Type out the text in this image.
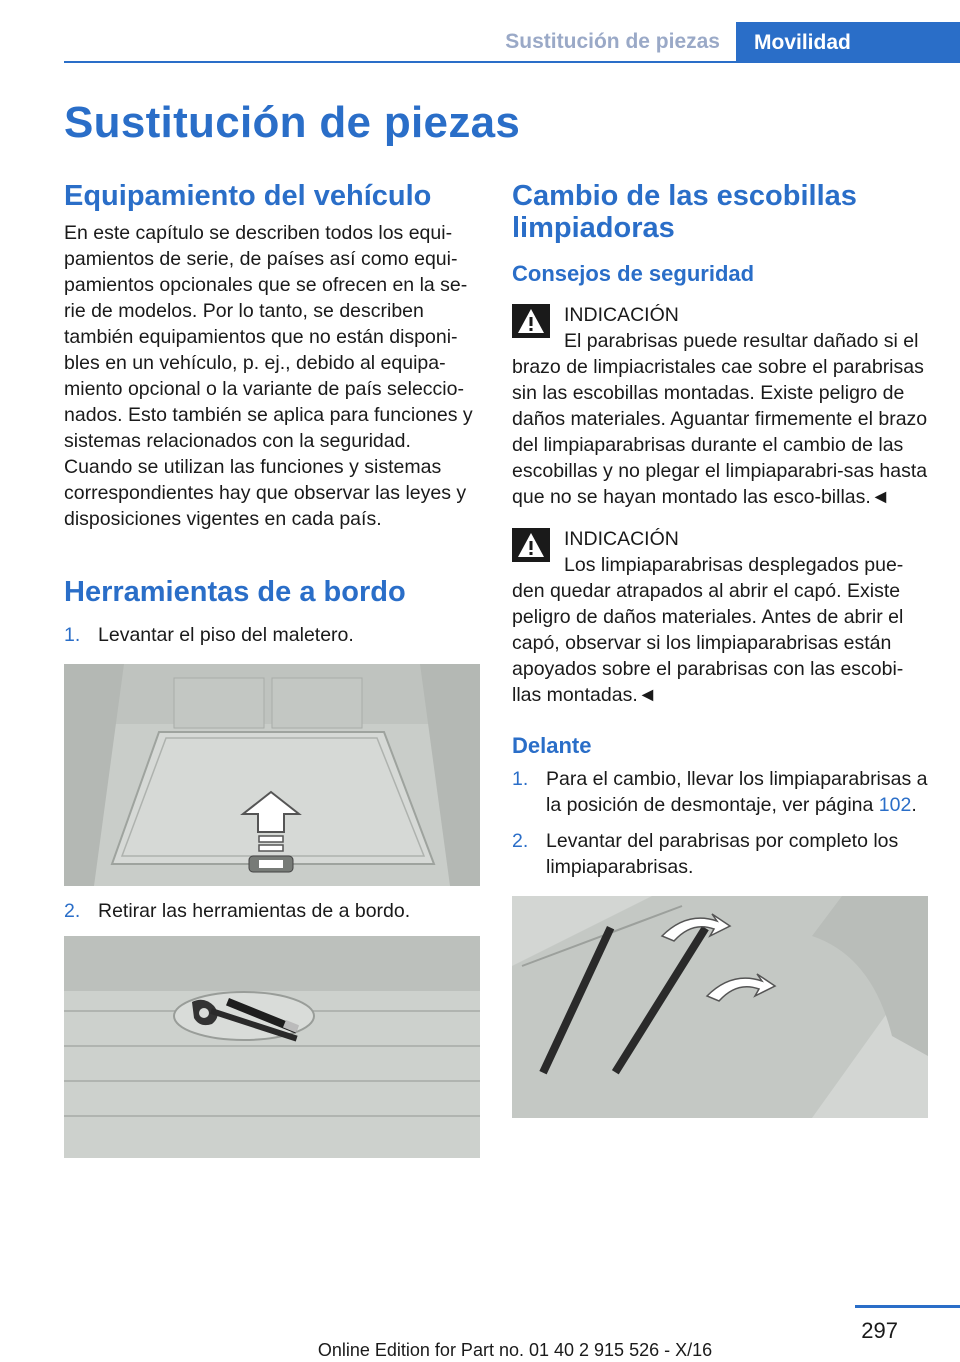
Sustitución de piezas	Movilidad
Sustitución de piezas
Equipamiento del vehículo

En este capítulo se describen todos los equi‐pamientos de serie, de países así como equi‐pamientos opcionales que se ofrecen en la se‐rie de modelos. Por lo tanto, se describen también equipamientos que no están disponi‐bles en un vehículo, p. ej., debido al equipa‐miento opcional o la variante de país seleccio‐nados. Esto también se aplica para funciones y sistemas relacionados con la seguridad. Cuando se utilizan las funciones y sistemas correspondientes hay que observar las leyes y disposiciones vigentes en cada país.

Herramientas de a bordo
1. Levantar el piso del maletero.
2. Retirar las herramientas de a bordo.
Cambio de las escobillas limpiadoras
Consejos de seguridad
INDICACIÓN
El parabrisas puede resultar dañado si el

brazo de limpiacristales cae sobre el parabrisas sin las escobillas montadas. Existe peligro de daños materiales. Aguantar firmemente el brazo del limpiaparabrisas durante el cambio de las escobillas y no plegar el limpiaparabri‐sas hasta que no se hayan montado las esco‐billas.◄

INDICACIÓN
Los limpiaparabrisas desplegados pue‐

den quedar atrapados al abrir el capó. Existe peligro de daños materiales. Antes de abrir el capó, observar si los limpiaparabrisas están apoyados sobre el parabrisas con las escobi‐llas montadas.◄

Delante
1. Para el cambio, llevar los limpiaparabrisas a la posición de desmontaje, ver página 102.
2. Levantar del parabrisas por completo los limpiaparabrisas.
297
Online Edition for Part no. 01 40 2 915 526 - X/16
